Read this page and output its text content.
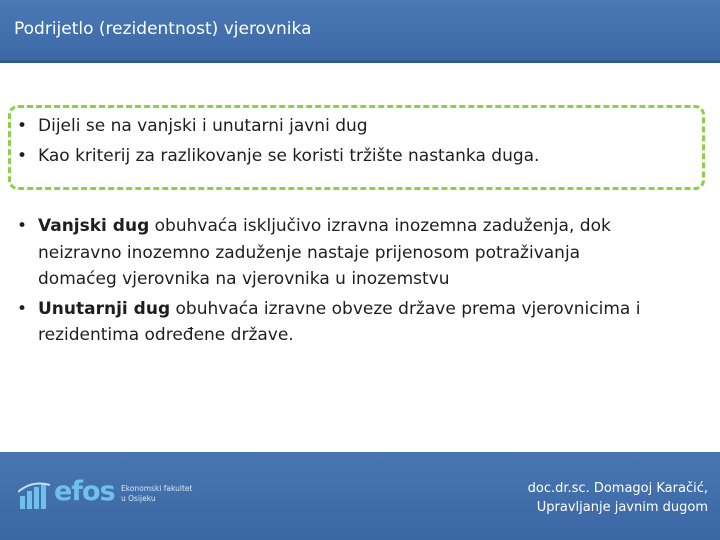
Podrijetlo (rezidentnost) vjerovnika
• Dijeli se na vanjski i unutarni javni dug
• Kao kriterij za razlikovanje se koristi tržište nastanka duga.
• Vanjski dug obuhvaća isključivo izravna inozemna zaduženja, dok
neizravno inozemno zaduženje nastaje prijenosom potraživanja
domaćeg vjerovnika na vjerovnika u inozemstvu
• Unutarnji dug obuhvaća izravne obveze države prema vjerovnicima i
rezidentima određene države.
efos Ekonomski fakultet
u Osijeku
doc.dr.sc. Domagoj Karačić,
Upravljanje javnim dugom
